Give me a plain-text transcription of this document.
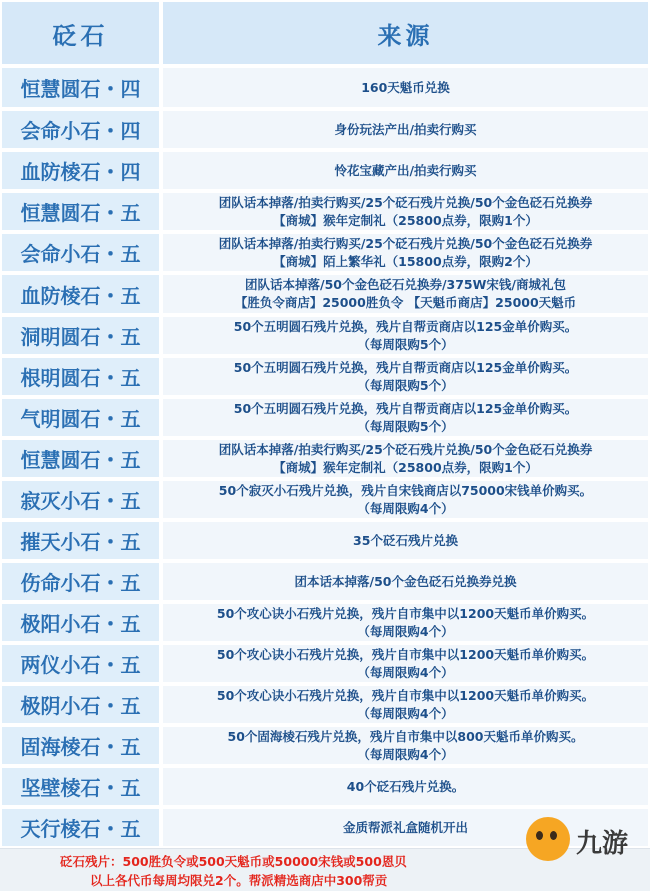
砭石	来源
恒慧圆石・四	160天魁币兑换

会命小石・四	身份玩法产出/拍卖行购买

血防棱石・四	怜花宝藏产出/拍卖行购买

恒慧圆石・五	团队话本掉落/拍卖行购买/25个砭石残片兑换/50个金色砭石兑换券
【商城】猴年定制礼（25800点券，限购1个）

会命小石・五	团队话本掉落/拍卖行购买/25个砭石残片兑换/50个金色砭石兑换券
【商城】陌上繁华礼（15800点券，限购2个）

血防棱石・五	团队话本掉落/50个金色砭石兑换券/375W宋钱/商城礼包
【胜负令商店】25000胜负令 【天魁币商店】25000天魁币

洞明圆石・五	50个五明圆石残片兑换，残片自帮贡商店以125金单价购买。
（每周限购5个）

根明圆石・五	50个五明圆石残片兑换，残片自帮贡商店以125金单价购买。
（每周限购5个）

气明圆石・五	50个五明圆石残片兑换，残片自帮贡商店以125金单价购买。
（每周限购5个）

恒慧圆石・五	团队话本掉落/拍卖行购买/25个砭石残片兑换/50个金色砭石兑换券
【商城】猴年定制礼（25800点券，限购1个）

寂灭小石・五	50个寂灭小石残片兑换，残片自宋钱商店以75000宋钱单价购买。
（每周限购4个）

摧天小石・五	35个砭石残片兑换

伤命小石・五	团本话本掉落/50个金色砭石兑换券兑换

极阳小石・五	50个攻心诀小石残片兑换，残片自市集中以1200天魁币单价购买。
（每周限购4个）

两仪小石・五	50个攻心诀小石残片兑换，残片自市集中以1200天魁币单价购买。
（每周限购4个）

极阴小石・五	50个攻心诀小石残片兑换，残片自市集中以1200天魁币单价购买。
（每周限购4个）

固海棱石・五	50个固海棱石残片兑换，残片自市集中以800天魁币单价购买。
（每周限购4个）

坚壁棱石・五	40个砭石残片兑换。

天行棱石・五	金质帮派礼盒随机开出
砭石残片：500胜负令或500天魁币或50000宋钱或500恩贝
以上各代币每周均限兑2个。帮派精选商店中300帮贡
九游
